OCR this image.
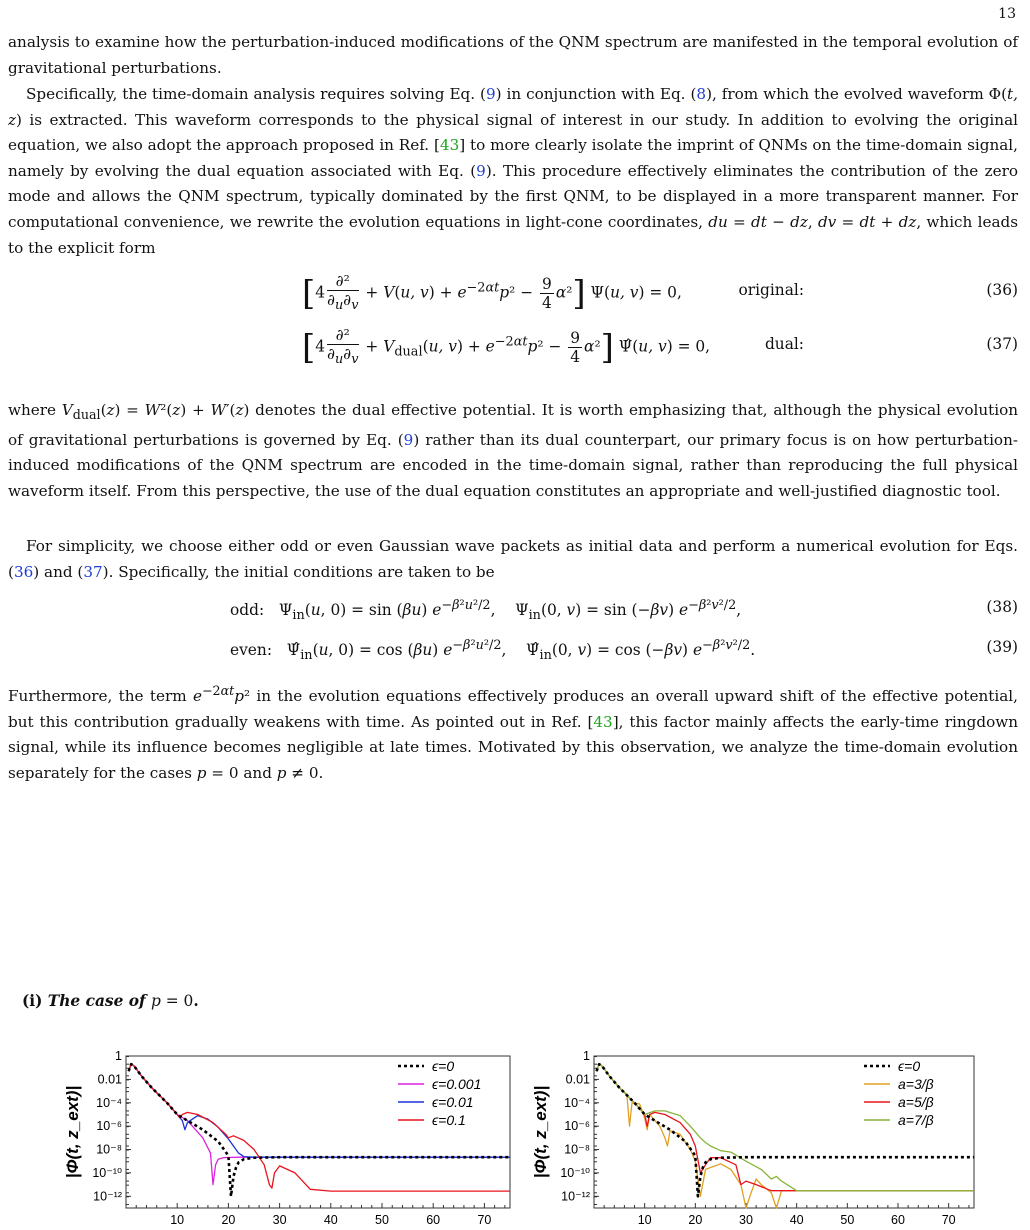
13
analysis to examine how the perturbation-induced modifications of the QNM spectrum are manifested in the temporal evolution of gravitational perturbations.
Specifically, the time-domain analysis requires solving Eq. (9) in conjunction with Eq. (8), from which the evolved waveform Φ(t, z) is extracted. This waveform corresponds to the physical signal of interest in our study. In addition to evolving the original equation, we also adopt the approach proposed in Ref. [43] to more clearly isolate the imprint of QNMs on the time-domain signal, namely by evolving the dual equation associated with Eq. (9). This procedure effectively eliminates the contribution of the zero mode and allows the QNM spectrum, typically dominated by the first QNM, to be displayed in a more transparent manner. For computational convenience, we rewrite the evolution equations in light-cone coordinates, du = dt − dz, dv = dt + dz, which leads to the explicit form
original:
[$4 \frac{\text{∂²}}{\partial_u\partial_v} + V(u$, $v) + e^{-2\alpha t}p^2 - \frac{9}{4} \alpha^2$] Ψ(u, v) = 0,	(36)
dual:
[$4 \frac{\text{∂²}}{\partial_u\partial_v} + V_{dual}(u$, $v) + e^{-2\alpha t}p^2 - \frac{9}{4} \alpha^2$] Ψ̂(u, v) = 0,	(37)
where $V_{dual}(z) = W^2(z) + W'(z)$ denotes the dual effective potential. It is worth emphasizing that, although the physical evolution of gravitational perturbations is governed by Eq. (9) rather than its dual counterpart, our primary focus is on how perturbation-induced modifications of the QNM spectrum are encoded in the time-domain signal, rather than reproducing the full physical waveform itself. From this perspective, the use of the dual equation constitutes an appropriate and well-justified diagnostic tool.
For simplicity, we choose either odd or even Gaussian wave packets as initial data and perform a numerical evolution for Eqs. (36) and (37). Specifically, the initial conditions are taken to be
odd:   $\Psi_{in}(u$, 0) = sin (βu) $e^{-\beta^2u^2/2}$,    $\Psi_{in}(0$, v) = sin (−βv) $e^{-\beta^2v^2/2}$,	(38)
even:   $\Psî_{in}(u$, 0) = cos (βu) $e^{-\beta^2u^2/2}$,    $\Psî_{in}(0$, v) = cos (−βv) $e^{-\beta^2v^2/2}$.	(39)
Furthermore, the term $e^{-2\alpha t}p^2$ in the evolution equations effectively produces an overall upward shift of the effective potential, but this contribution gradually weakens with time. As pointed out in Ref. [43], this factor mainly affects the early-time ringdown signal, while its influence becomes negligible at late times. Motivated by this observation, we analyze the time-domain evolution separately for the cases p = 0 and p ≠ 0.
(i) The case of p = 0.
1
0.01
10⁻⁴
10⁻⁶
10⁻⁸
10⁻¹⁰
10⁻¹²
10	20	30	40	50	60	70
|Φ(t, z_ext)|
ϵ=0
ϵ=0.001
ϵ=0.01
ϵ=0.1
1
0.01
10⁻⁴
10⁻⁶
10⁻⁸
10⁻¹⁰
10⁻¹²
10	20	30	40	50	60	70
|Φ(t, z_ext)|
ϵ=0
a=3/β
a=5/β
a=7/β
